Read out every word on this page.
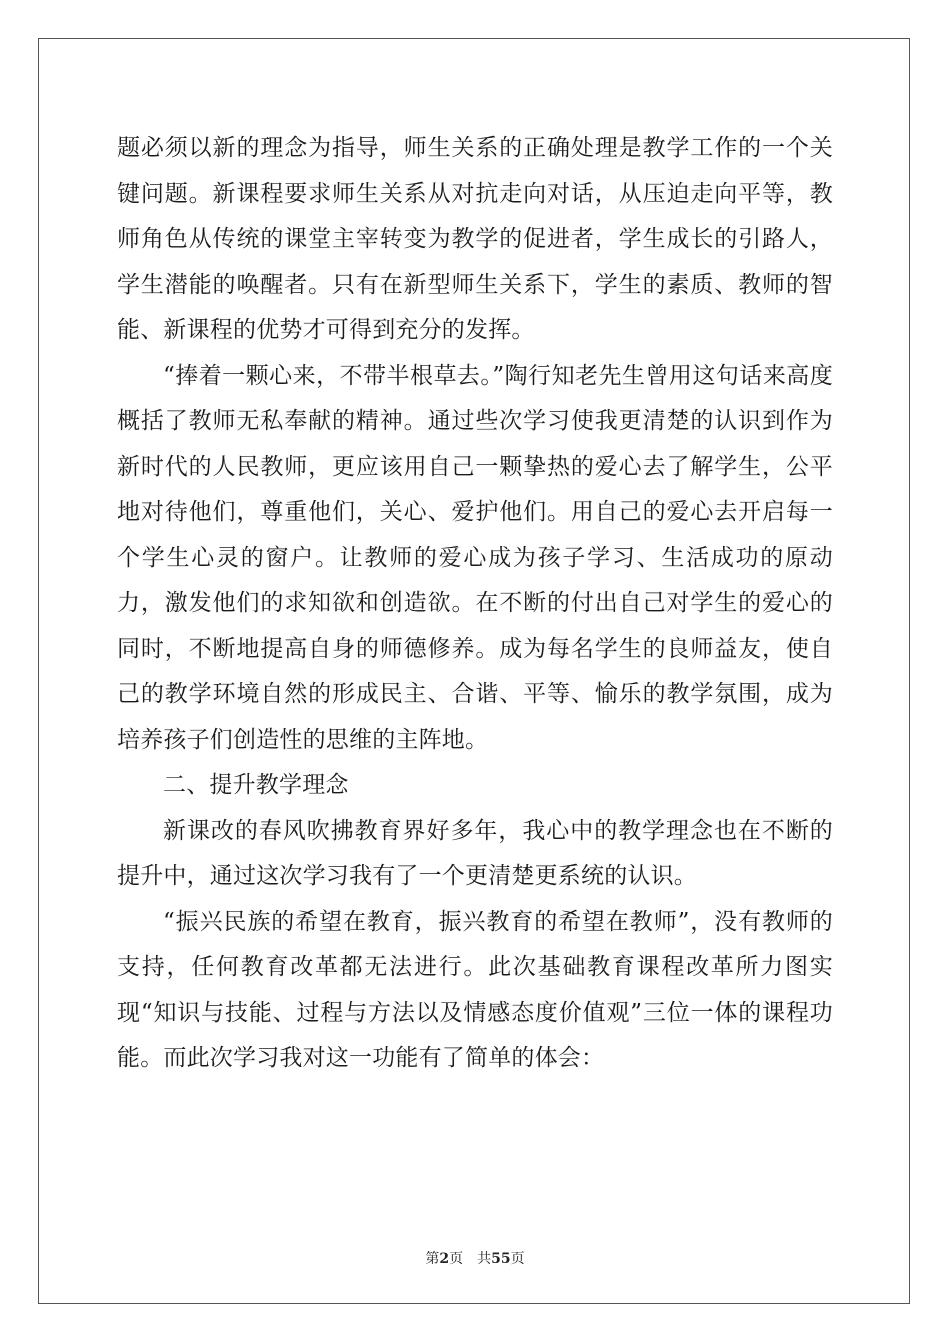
题必须以新的理念为指导，师生关系的正确处理是教学工作的一个关键问题。新课程要求师生关系从对抗走向对话，从压迫走向平等，教师角色从传统的课堂主宰转变为教学的促进者，学生成长的引路人，学生潜能的唤醒者。只有在新型师生关系下，学生的素质、教师的智能、新课程的优势才可得到充分的发挥。

“捧着一颗心来，不带半根草去。”陶行知老先生曾用这句话来高度概括了教师无私奉献的精神。通过些次学习使我更清楚的认识到作为新时代的人民教师，更应该用自己一颗挚热的爱心去了解学生，公平地对待他们，尊重他们，关心、爱护他们。用自己的爱心去开启每一个学生心灵的窗户。让教师的爱心成为孩子学习、生活成功的原动力，激发他们的求知欲和创造欲。在不断的付出自己对学生的爱心的同时，不断地提高自身的师德修养。成为每名学生的良师益友，使自己的教学环境自然的形成民主、合谐、平等、愉乐的教学氛围，成为培养孩子们创造性的思维的主阵地。

二、提升教学理念

新课改的春风吹拂教育界好多年，我心中的教学理念也在不断的提升中，通过这次学习我有了一个更清楚更系统的认识。

“振兴民族的希望在教育，振兴教育的希望在教师”，没有教师的支持，任何教育改革都无法进行。此次基础教育课程改革所力图实现“知识与技能、过程与方法以及情感态度价值观”三位一体的课程功能。而此次学习我对这一功能有了简单的体会：

第2页 共55页
